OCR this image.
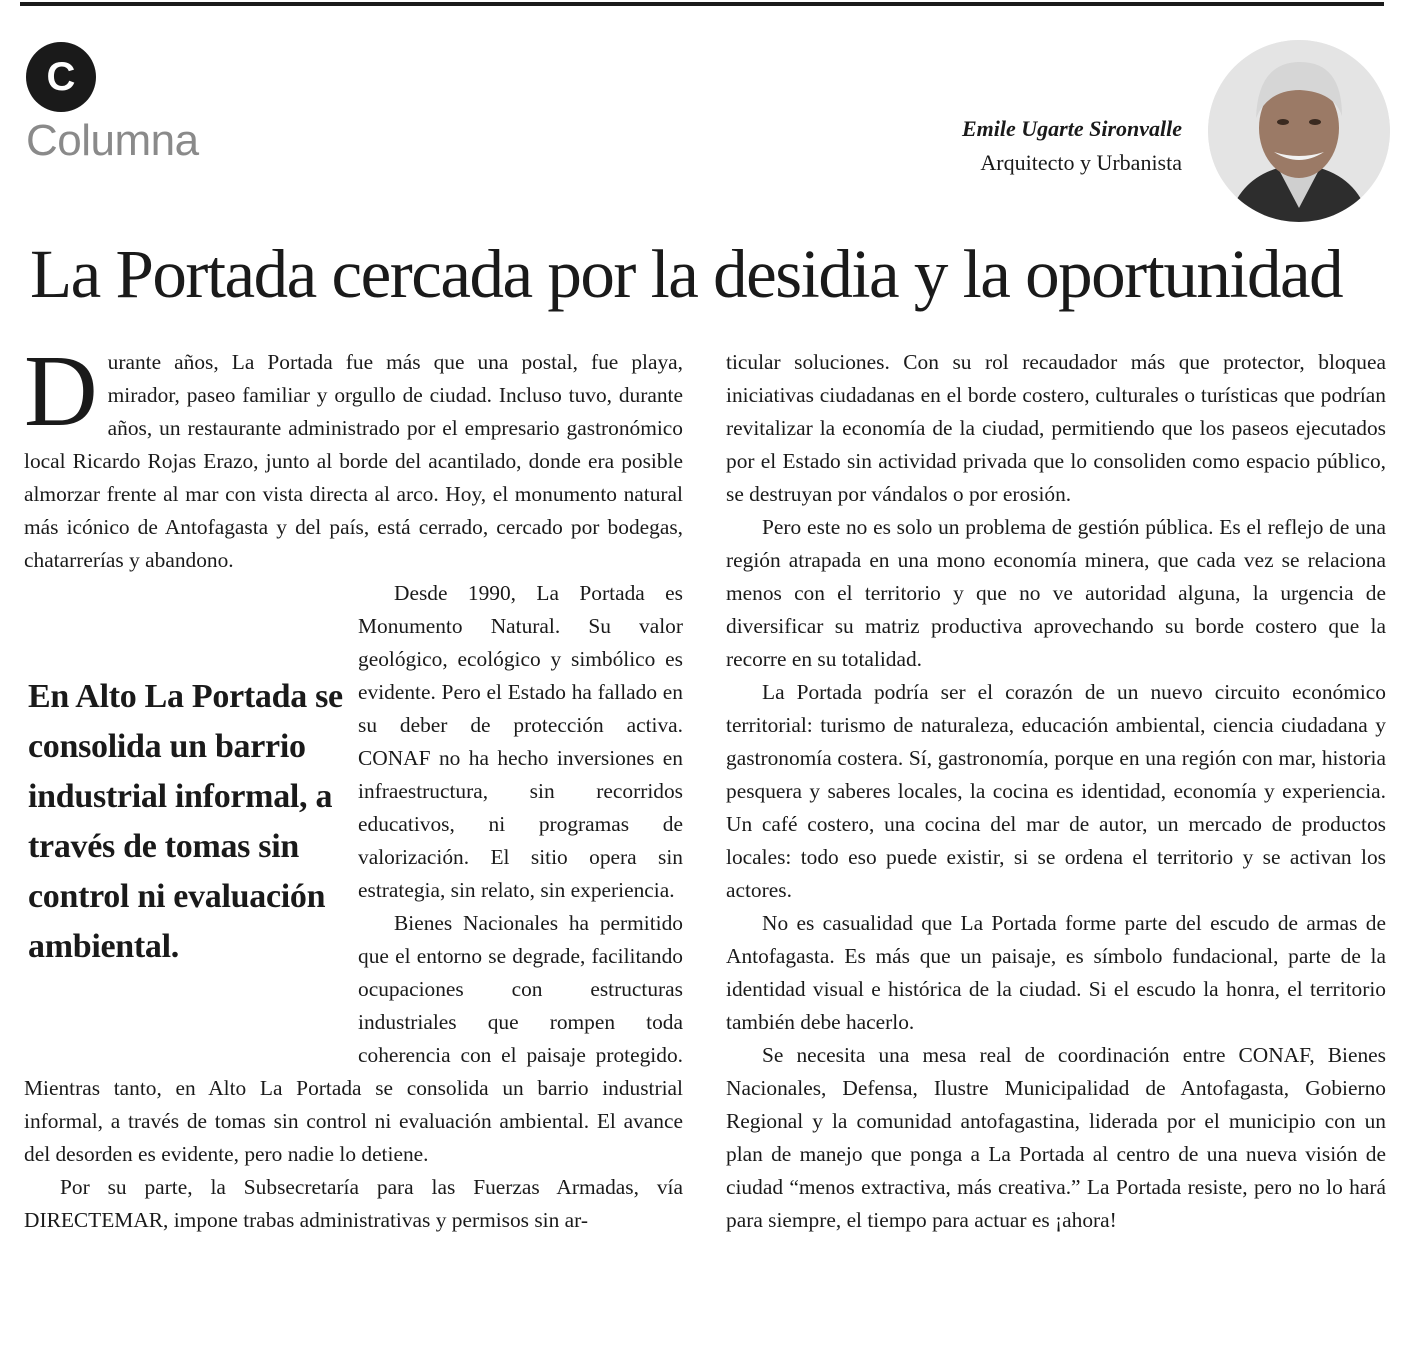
C
Columna	Emile Ugarte Sironvalle
Arquitecto y Urbanista
La Portada cercada por la desidia y la oportunidad
En Alto La Portada se consolida un barrio industrial informal, a través de tomas sin control ni evaluación ambiental.

Durante años, La Portada fue más que una postal, fue playa, mirador, paseo familiar y orgullo de ciudad. Incluso tuvo, durante años, un restaurante administrado por el empresario gastronómico local Ricardo Rojas Erazo, junto al borde del acantilado, donde era posible almorzar frente al mar con vista directa al arco. Hoy, el monumento natural más icónico de Antofagasta y del país, está cerrado, cercado por bodegas, chatarrerías y abandono.

Desde 1990, La Portada es Monumento Natural. Su valor geológico, ecológico y simbólico es evidente. Pero el Estado ha fallado en su deber de protección activa. CONAF no ha hecho inversiones en infraestructura, sin recorridos educativos, ni programas de valorización. El sitio opera sin estrategia, sin relato, sin experiencia.

Bienes Nacionales ha permitido que el entorno se degrade, facilitando ocupaciones con estructuras industriales que rompen toda coherencia con el paisaje protegido. Mientras tanto, en Alto La Portada se consolida un barrio industrial informal, a través de tomas sin control ni evaluación ambiental. El avance del desorden es evidente, pero nadie lo detiene.

Por su parte, la Subsecretaría para las Fuerzas Armadas, vía DIRECTEMAR, impone trabas administrativas y permisos sin ar-

ticular soluciones. Con su rol recaudador más que protector, bloquea iniciativas ciudadanas en el borde costero, culturales o turísticas que podrían revitalizar la economía de la ciudad, permitiendo que los paseos ejecutados por el Estado sin actividad privada que lo consoliden como espacio público, se destruyan por vándalos o por erosión.

Pero este no es solo un problema de gestión pública. Es el reflejo de una región atrapada en una mono economía minera, que cada vez se relaciona menos con el territorio y que no ve autoridad alguna, la urgencia de diversificar su matriz productiva aprovechando su borde costero que la recorre en su totalidad.

La Portada podría ser el corazón de un nuevo circuito económico territorial: turismo de naturaleza, educación ambiental, ciencia ciudadana y gastronomía costera. Sí, gastronomía, porque en una región con mar, historia pesquera y saberes locales, la cocina es identidad, economía y experiencia. Un café costero, una cocina del mar de autor, un mercado de productos locales: todo eso puede existir, si se ordena el territorio y se activan los actores.

No es casualidad que La Portada forme parte del escudo de armas de Antofagasta. Es más que un paisaje, es símbolo fundacional, parte de la identidad visual e histórica de la ciudad. Si el escudo la honra, el territorio también debe hacerlo.

Se necesita una mesa real de coordinación entre CONAF, Bienes Nacionales, Defensa, Ilustre Municipalidad de Antofagasta, Gobierno Regional y la comunidad antofagastina, liderada por el municipio con un plan de manejo que ponga a La Portada al centro de una nueva visión de ciudad “menos extractiva, más creativa.” La Portada resiste, pero no lo hará para siempre, el tiempo para actuar es ¡ahora!
